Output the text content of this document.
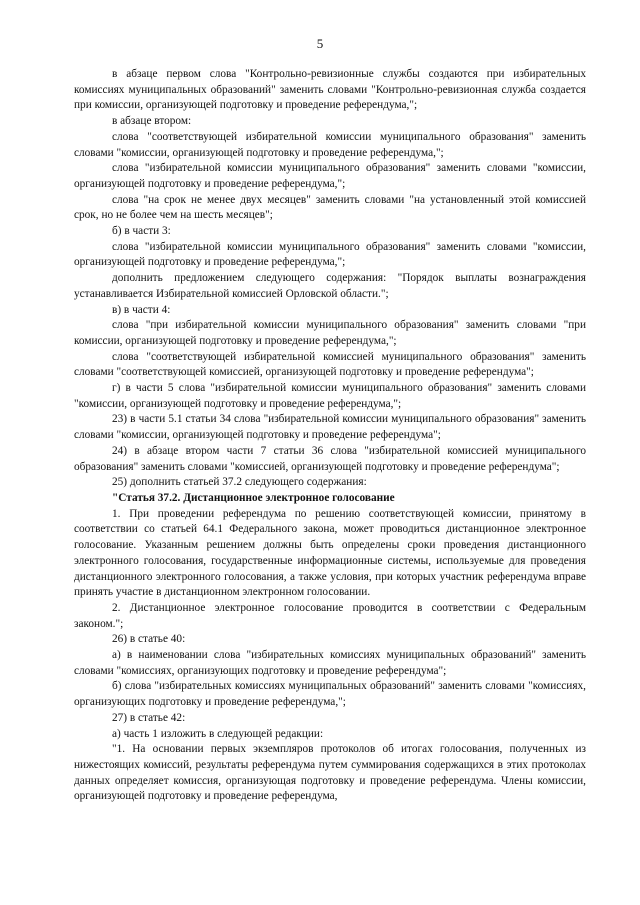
5

в абзаце первом слова "Контрольно-ревизионные службы создаются при избирательных комиссиях муниципальных образований" заменить словами "Контрольно-ревизионная служба создается при комиссии, организующей подготовку и проведение референдума,";

в абзаце втором:

слова "соответствующей избирательной комиссии муниципального образования" заменить словами "комиссии, организующей подготовку и проведение референдума,";

слова "избирательной комиссии муниципального образования" заменить словами "комиссии, организующей подготовку и проведение референдума,";

слова "на срок не менее двух месяцев" заменить словами "на установленный этой комиссией срок, но не более чем на шесть месяцев";

б) в части 3:

слова "избирательной комиссии муниципального образования" заменить словами "комиссии, организующей подготовку и проведение референдума,";

дополнить предложением следующего содержания: "Порядок выплаты вознаграждения устанавливается Избирательной комиссией Орловской области.";

в) в части 4:

слова "при избирательной комиссии муниципального образования" заменить словами "при комиссии, организующей подготовку и проведение референдума,";

слова "соответствующей избирательной комиссией муниципального образования" заменить словами "соответствующей комиссией, организующей подготовку и проведение референдума";

г) в части 5 слова "избирательной комиссии муниципального образования" заменить словами "комиссии, организующей подготовку и проведение референдума,";

23) в части 5.1 статьи 34 слова "избирательной комиссии муниципального образования" заменить словами "комиссии, организующей подготовку и проведение референдума";

24) в абзаце втором части 7 статьи 36 слова "избирательной комиссией муниципального образования" заменить словами "комиссией, организующей подготовку и проведение референдума";

25) дополнить статьей 37.2 следующего содержания:

"Статья 37.2. Дистанционное электронное голосование

1. При проведении референдума по решению соответствующей комиссии, принятому в соответствии со статьей 64.1 Федерального закона, может проводиться дистанционное электронное голосование. Указанным решением должны быть определены сроки проведения дистанционного электронного голосования, государственные информационные системы, используемые для проведения дистанционного электронного голосования, а также условия, при которых участник референдума вправе принять участие в дистанционном электронном голосовании.

2. Дистанционное электронное голосование проводится в соответствии с Федеральным законом.";

26) в статье 40:

а) в наименовании слова "избирательных комиссиях муниципальных образований" заменить словами "комиссиях, организующих подготовку и проведение референдума";

б) слова "избирательных комиссиях муниципальных образований" заменить словами "комиссиях, организующих подготовку и проведение референдума,";

27) в статье 42:

а) часть 1 изложить в следующей редакции:

"1. На основании первых экземпляров протоколов об итогах голосования, полученных из нижестоящих комиссий, результаты референдума путем суммирования содержащихся в этих протоколах данных определяет комиссия, организующая подготовку и проведение референдума. Члены комиссии, организующей подготовку и проведение референдума,
